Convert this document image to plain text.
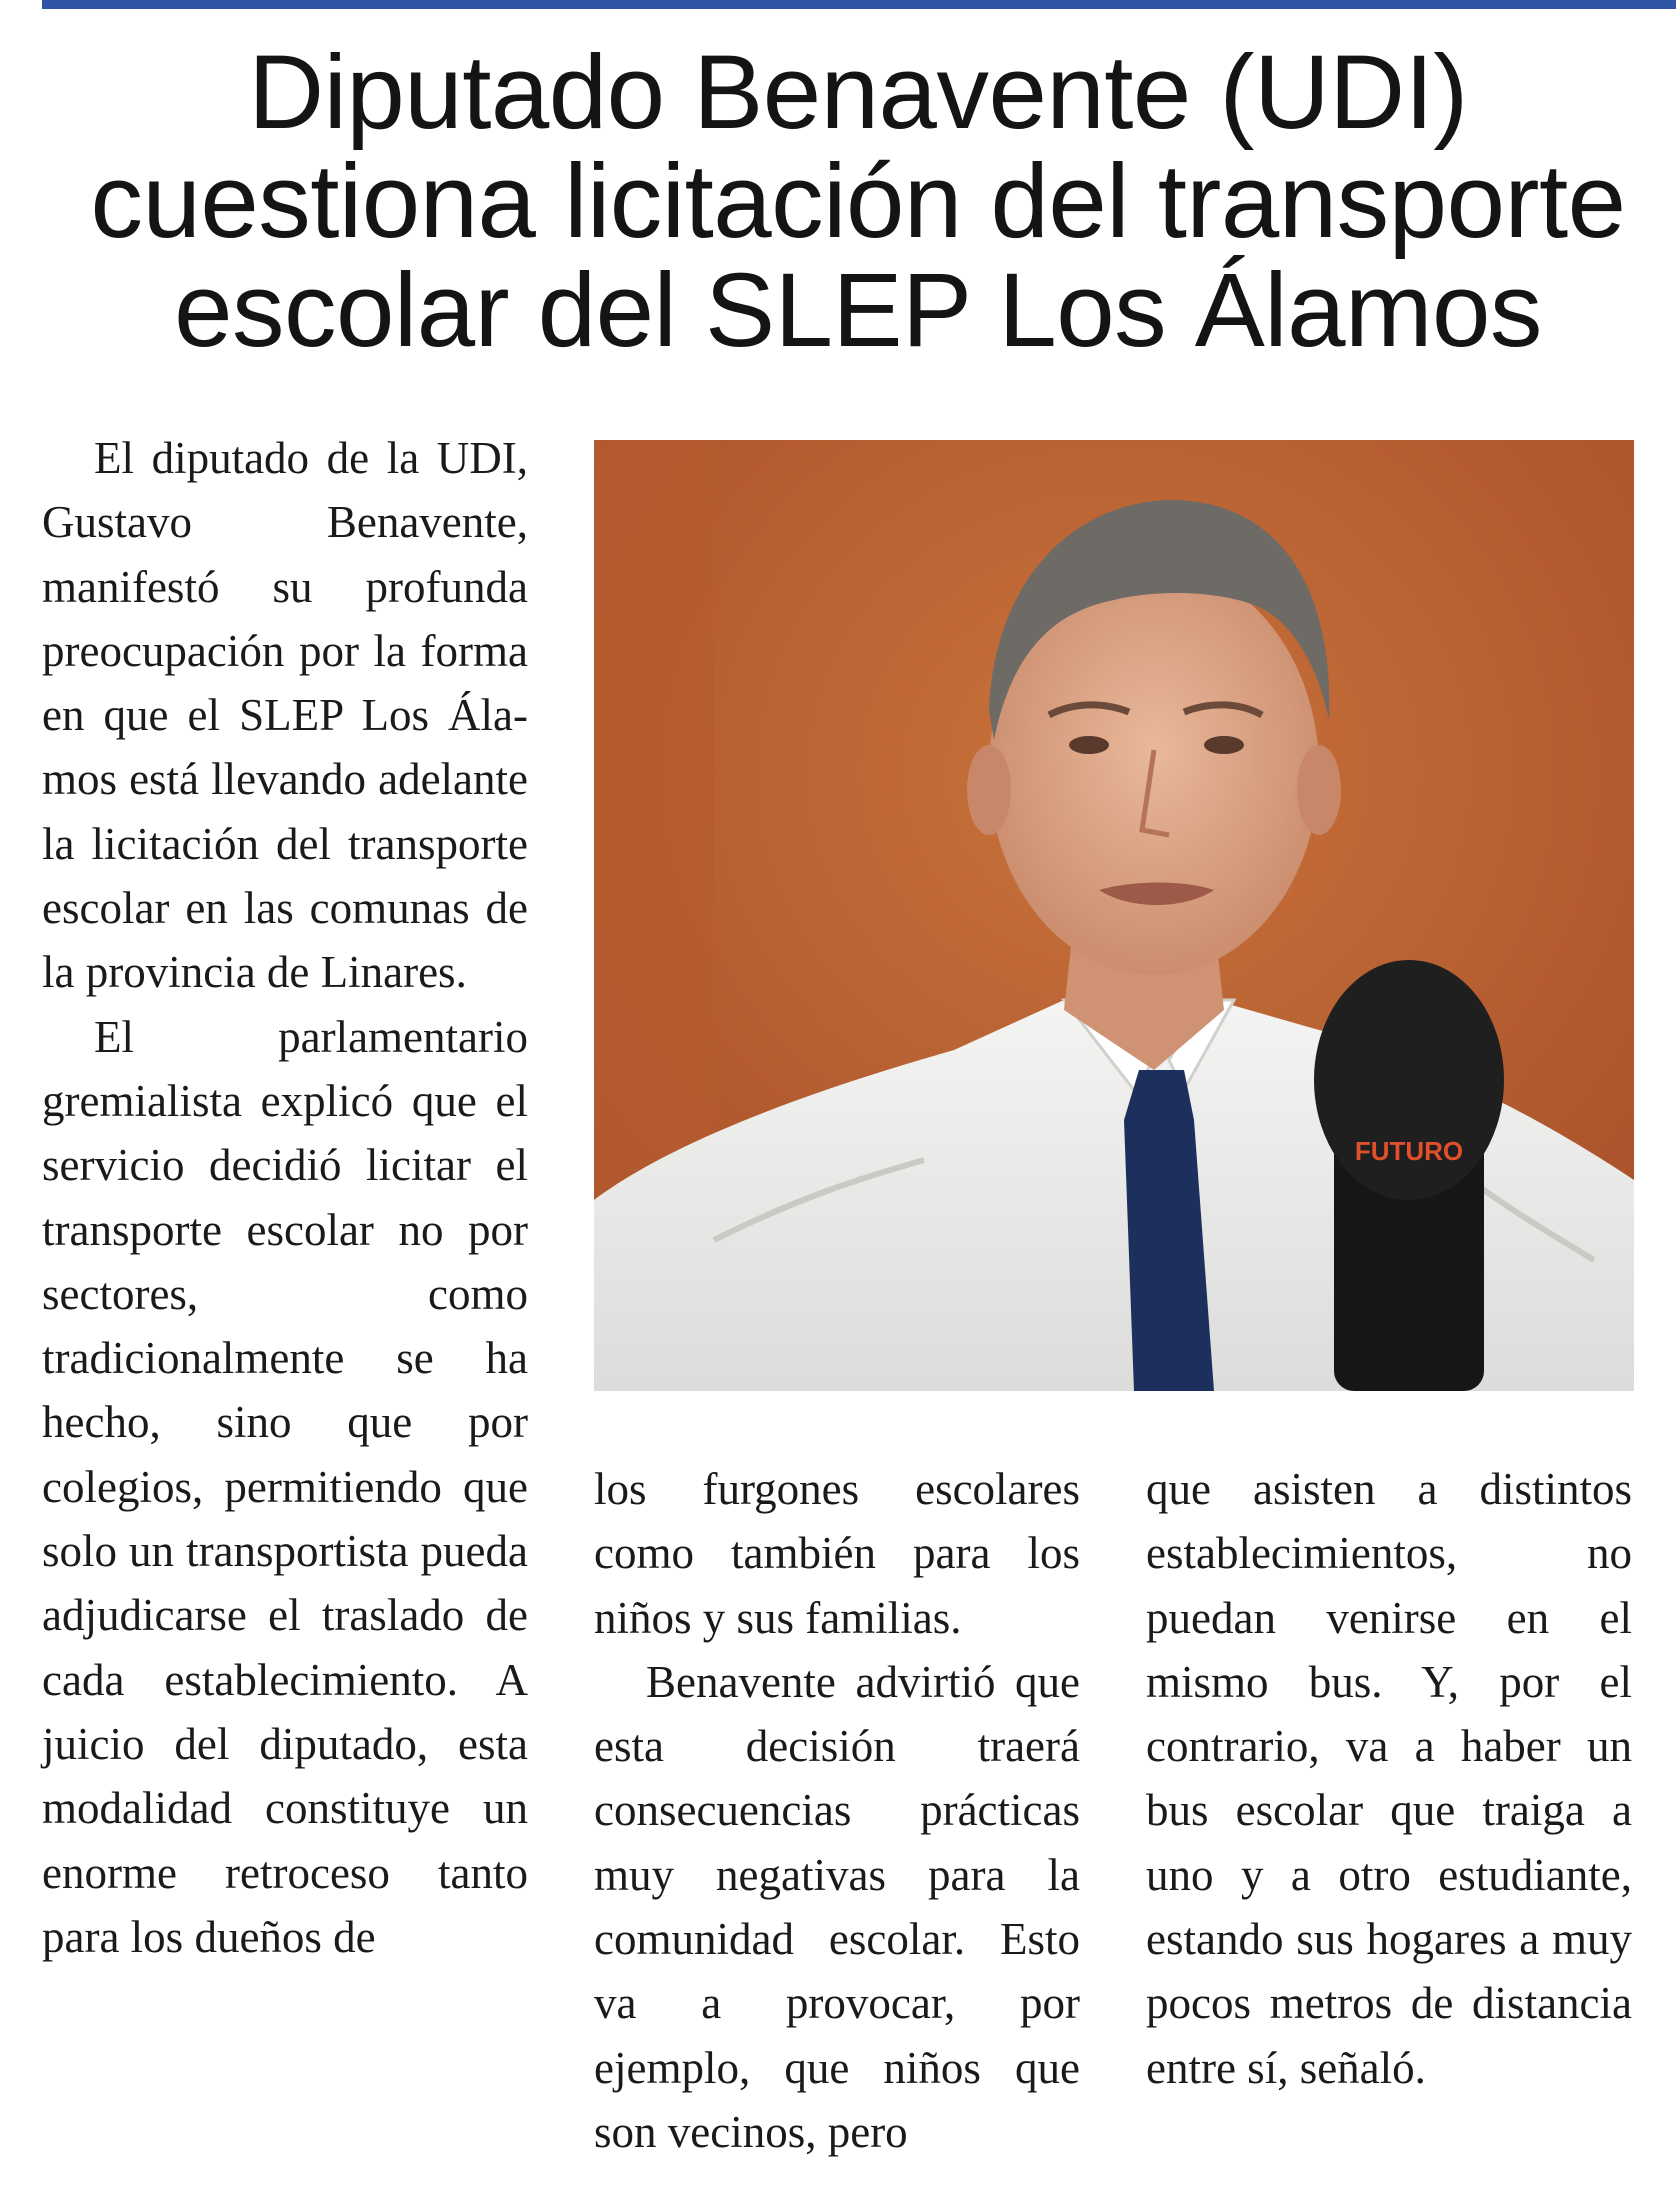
Diputado Benavente (UDI)
cuestiona licitación del transporte
escolar del SLEP Los Álamos

El diputado de la UDI, Gustavo Benavente, manifestó su profunda preocupación por la forma en que el SLEP Los Álamos está llevando adelante la licitación del transporte escolar en las comunas de la provincia de Linares.

El parlamentario gremialista explicó que el servicio decidió licitar el transporte escolar no por sectores, como tradicionalmente se ha hecho, sino que por colegios, permitiendo que solo un transportista pueda adjudicarse el traslado de cada establecimiento. A juicio del diputado, esta modalidad constituye un enorme retroceso tanto para los dueños de

FUTURO

los furgones escolares como también para los niños y sus familias.

Benavente advirtió que esta decisión traerá consecuencias prácticas muy negativas para la comunidad escolar. Esto va a provocar, por ejemplo, que niños que son vecinos, pero

que asisten a distintos establecimientos, no puedan venirse en el mismo bus. Y, por el contrario, va a haber un bus escolar que traiga a uno y a otro estudiante, estando sus hogares a muy pocos metros de distancia entre sí, señaló.
